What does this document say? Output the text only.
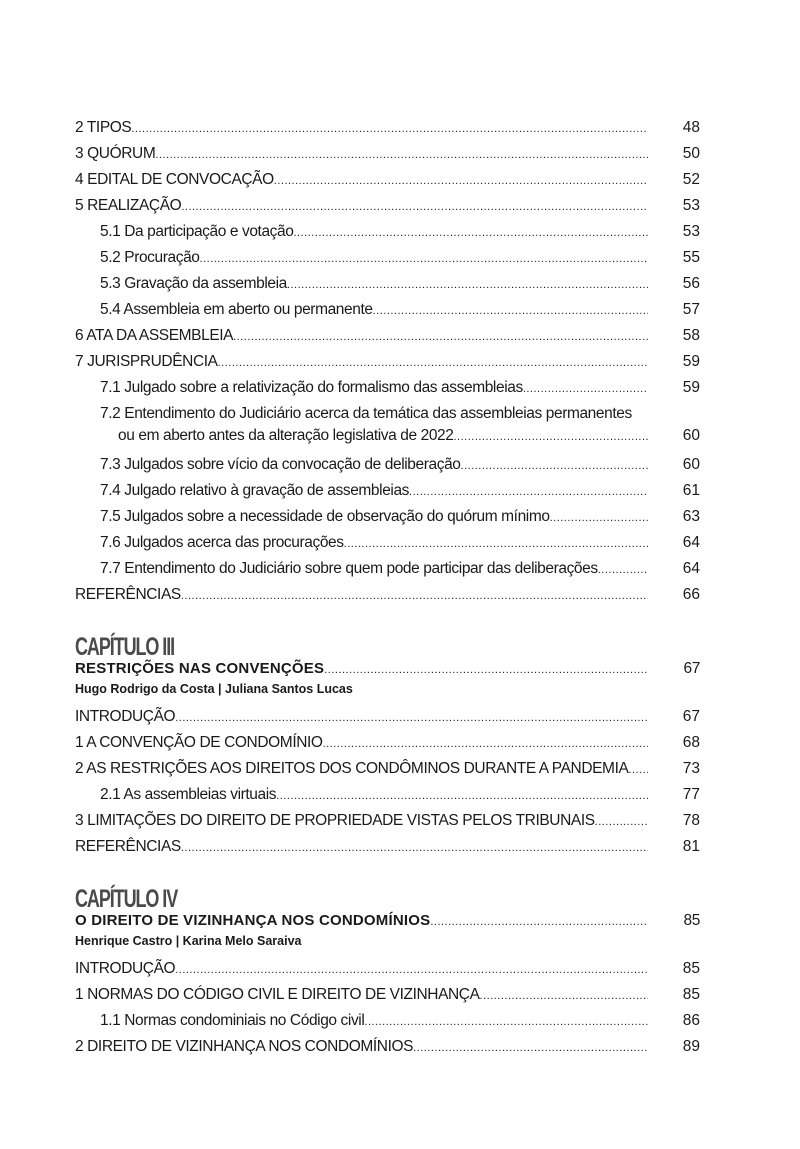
2 TIPOS .....	48
3 QUÓRUM .....	50
4 EDITAL DE CONVOCAÇÃO .....	52
5 REALIZAÇÃO .....	53
5.1 Da participação e votação .....	53
5.2 Procuração .....	55
5.3 Gravação da assembleia .....	56
5.4 Assembleia em aberto ou permanente .....	57
6 ATA DA ASSEMBLEIA .....	58
7 JURISPRUDÊNCIA .....	59
7.1 Julgado sobre a relativização do formalismo das assembleias .....	59
7.2 Entendimento do Judiciário acerca da temática das assembleias permanentes
ou em aberto antes da alteração legislativa de 2022 .....	60
7.3 Julgados sobre vício da convocação de deliberação .....	60
7.4 Julgado relativo à gravação de assembleias .....	61
7.5 Julgados sobre a necessidade de observação do quórum mínimo .....	63
7.6 Julgados acerca das procurações .....	64
7.7 Entendimento do Judiciário sobre quem pode participar das deliberações .....	64
REFERÊNCIAS .....	66
CAPÍTULO III
RESTRIÇÕES NAS CONVENÇÕES .....	67
Hugo Rodrigo da Costa | Juliana Santos Lucas
INTRODUÇÃO .....	67
1 A CONVENÇÃO DE CONDOMÍNIO .....	68
2 AS RESTRIÇÕES AOS DIREITOS DOS CONDÔMINOS DURANTE A PANDEMIA .....	73
2.1 As assembleias virtuais .....	77
3 LIMITAÇÕES DO DIREITO DE PROPRIEDADE VISTAS PELOS TRIBUNAIS .....	78
REFERÊNCIAS .....	81
CAPÍTULO IV
O DIREITO DE VIZINHANÇA NOS CONDOMÍNIOS .....	85
Henrique Castro | Karina Melo Saraiva
INTRODUÇÃO .....	85
1 NORMAS DO CÓDIGO CIVIL E DIREITO DE VIZINHANÇA .....	85
1.1 Normas condominiais no Código civil .....	86
2 DIREITO DE VIZINHANÇA NOS CONDOMÍNIOS .....	89
